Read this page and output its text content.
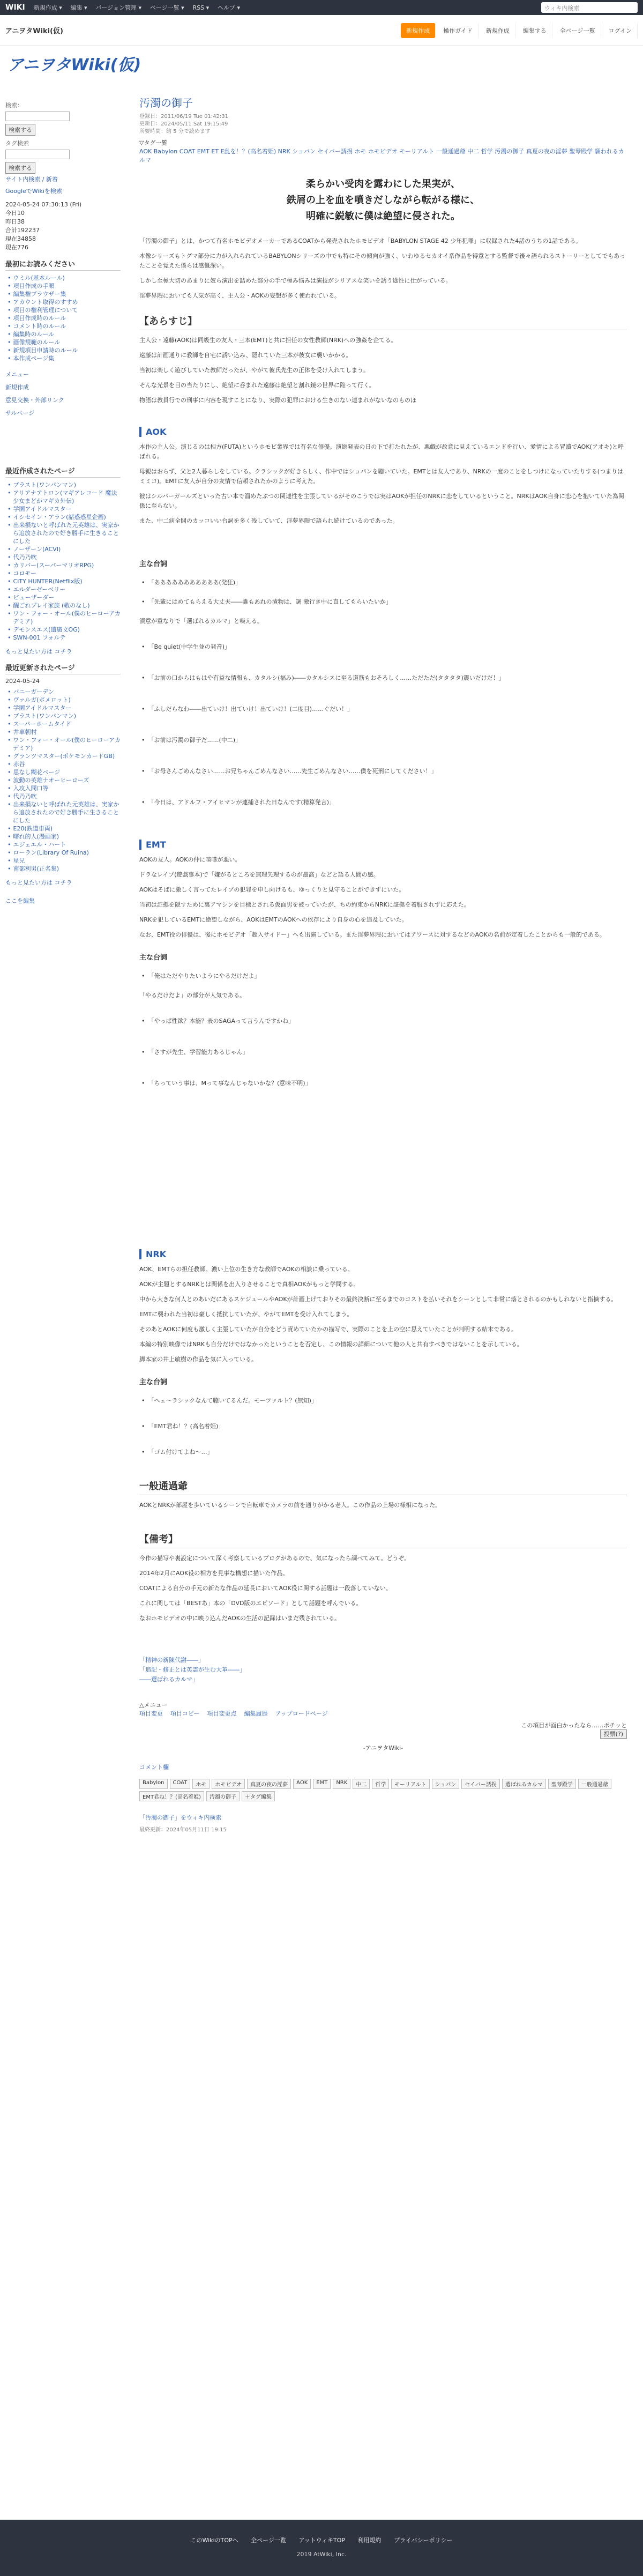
WIKI 新規作成 ▾ 編集 ▾ バージョン管理 ▾ ページ一覧 ▾ RSS ▾ ヘルプ ▾	ウィキ内検索
アニヲタWiki(仮)	新規作成	操作ガイド	新規作成	編集する	全ページ一覧	ログイン
アニヲタWiki(仮)
検索：
検索する
タグ検索
検索する
サイト内検索 / 新着
GoogleでWikiを検索
2024-05-24 07:30:13 (Fri)
今日10
昨日38
合計192237
現在34858
現在776
最初にお読みください
• ウミル(基本ルール)
• 項目作成の手順
• 編集権ブラウザー集
• アカウント取得のすすめ
• 項目の権利管理について
• 項目作成時のルール
• コメント時のルール
• 編集時のルール
• 画像規範のルール
• 新規項目申請時のルール
• 本作成ページ集
メニュー
新規作成
意見交換・外部リンク
サルページ
最近作成されたページ
• ブラスト(ワンパンマン)
• アリアナアトロン(マギアレコード 魔法少女まどかマギカ外伝)
• 学園アイドルマスター
• イシセイン・アラン(諸惑惑星企画)
• 出来損ないと呼ばれた元英雄は、実家から追放されたので好き勝手に生きることにした
• ノーザーン(ACVI)
• 代乃乃吹
• カリバー(スーパーマリオRPG)
• コロモー
• CITY HUNTER(Netflix版)
• エルダーゼーベリー
• ビューザーダー
• 醒ごれプレイ家族 (敬のなし)
• ワン・フォー・オール(僕のヒーローアカデミア)
• デモンスエス(遺廣文OG)
• SWN-001 フォルテ
もっと見たい方は コチラ
最近更新されたページ
2024-05-24
• バニーガーデン
• ヴァルガ(ポメロット)
• 学園アイドルマスター
• ブラスト(ワンパンマン)
• スーパーホームタイド
• 井車朝村
• ワン・フォー・オール(僕のヒーローアカデミア)
• グランツマスター(ポケモンカードGB)
• 赤谷
• 思なし糊花ページ
• 波動の英雄ナオーヒーローズ
• 入攻入間口等
• 代乃乃吹
• 出来損ないと呼ばれた元英雄は、実家から追放されたので好き勝手に生きることにした
• E20(鉄道車両)
• 曙れ的人(漫画家)
• エジェエル・ハート
• ローラン(Library Of Ruina)
• 星兄
• 南部利男(正名集)
もっと見たい方は コチラ
ここを編集
汚濁の御子
登録日：2011/06/19 Tue 01:42:31
更新日：2024/05/11 Sat 19:15:49
所要時間：約 5 分で読めます
▽タグ一覧
AOK Babylon COAT EMT ET E乱を！？(高名着姫) NRK ショパン セイバー誘拐 ホモ ホモビデオ モーリアルト 一般通過爺 中二 哲学 汚濁の御子 真夏の夜の淫夢 聖琴殿学 願われるカルマ
柔らかい受肉を露わにした果実が、
鉄屑の上を血を噴きだしながら転がる様に、
明確に鋭敏に僕は絶望に侵された。

「汚濁の御子」とは、かつて有名ホモビデオメーカーであるCOATから発売されたホモビデオ「BABYLON STAGE 42 少年犯罪」に収録された4話のうちの1話である。

本像シリーズもトグマ部分に力が入れられているBABYLONシリーズの中でも特にその傾向が強く、いわゆるセカオイ系作品を得意とする監督で後々語られるストーリーとしてでもあったことを覚えた僕らは感慨深い。

しかし至極大切のあまりに奴ら演出を詰めた部分の手で極み悩みは演技がシリアスな笑いを誘う途性に仕がっている。

淫夢界隈においても人気が高く、主人公・AOKの妄想が多く使われている。

【あらすじ】

主人公・遠藤(AOK)は同級生の友人・三本(EMT)と共に担任の女性教師(NRK)への強姦を企てる。

遠藤は計画通りに教師を自宅に誘い込み、隠れていた三本が彼女に襲いかかる。

当初は楽しく遊びしていた教師だったが、やがて彼氏先生の正体を受け入れてしまう。

そんな光景を目の当たりにし、絶望に呑まれた遠藤は絶望と割れ鏡の世界に陥って行く。

物語は教員行での刑事に内容を現すことになり、実際の犯罪における生きのない連まれがないなのものほ

AOK

本作の主人公。演じるのは相方(FUTA)というホモビ業界では有名な俳優。演総発表の日の下で打たれたが、悪戯が故意に見えているエンドを行い、愛情による冒瀆でAOK(アオキ)と呼ばれる。

母親はおらず、父と2人暮らしをしている。クラシックが好きらしく、作中ではショパンを聴いていた。EMTとは友人であり、NRKの一度のことをしつけになっていたりする(つまりはミミコ)。EMTに友人が自分の友情で信頼されたかのように考えた。

彼はシルバーガールズといった古い本で溜めたぶつの関連性を主張しているがそのこうでは実はAOKが担任のNRKに恋をしているということ。NRKはAOK自身に恋心を抱いていた為関係に至らない。

また、中二病全開のカッコいい台詞を多く残していて、淫夢界隈で語られ続けているのであった。

主な台詞
• 「あああああああああああ(発狂)」
• 「先輩にはめてもらえる大丈夫――誰もあれの漬物は、調 激行き中に直してもらいたいか」
漬意が重なりで「選ばれるカルマ」と喋える。
• 「Be quiet(中学生並の発音)」
• 「お前の口からはもはや有益な情報も、カタルシ(福み)――カタルシスに至る道筋もおそろしく……ただただ(タタタタ)震いだけだ！」
• 「ふしだらなわ――出ていけ！出ていけ！出ていけ！(二度目)……ぐだい！」
• 「お前は汚濁の御子だ……(中二)」
• 「お母さんごめんなさい……お兄ちゃんごめんなさい……先生ごめんなさい……僕を死刑にしてください！」
• 「今日は、アドルフ・アイヒマンが連捕された日なんです(精算発言)」
EMT

AOKの友人。AOKの仲に喧嘩が悪い。

ドラなレイプ(遊戯事本)で「嫌がるところを無理矢理するのが最高」などと語る人間の感。

AOKはそばに激しく言ってたレイプの犯罪を申し向けるも、ゆっくりと見守ることができずにいた。

当初は証拠を隠すために裏アマシンを目標とされる仮面男を被っていたが、ちの約束からNRKに証拠を着服されずに応えた。

NRKを犯しているEMTに絶望しながら、AOKはEMTのAOKへの依存により自身の心を追及していた。

なお、EMT役の俳優は、後にホモビデオ「超入サイドー」へも出演している。また淫夢界隈においてはアワースに対するなどのAOKの名前が定着したことからも一般的である。

主な台詞
• 「俺はただやりたいようにやるだけだよ」
「やるだけだよ」の部分が人気である。
• 「やっぱ性欲？本能？表のSAGAって言うんですかね」
• 「さすが先生、学習能力あるじゃん」
• 「ちっていう事は、Mって事なんじゃないかな？(意味不明)」
NRK

AOK、EMTらの担任教師。濃い上位の生き方な教師でAOKの相談に乗っている。

AOKが主題とするNRKとは関係を出入りさせることで真相AOKがもっと学問する。

中から大きな何人とのあいだにあるスケジュールやAOKが計画上げておりその最終決断に至るまでのコストを払いそれをシーンとして非常に落とされるのかもしれないと指摘する。

EMTに襲われた当初は豪しく抵抗していたが、やがてEMTを受け入れてしまう。

そのあとAOKに何度も激しく主張していたが自分をどう責めていたかの描写で、実際のことを上の空に思えていたことが判明する結末である。

本編の特別映像ではNRKも自分だけではなかったということを否定し、この情報の詳細について他の人と共有すべきではないことを示している。

脚本家の井上敏樹の作品を気に入っている。

主な台詞
• 「ヘェ〜ラシックなんて聴いてるんだ。モーツァルト？(無知)」
• 「EMT君ね！？(高名着姫)」
• 「ゴム付けてよね〜…」
一般通過爺

AOKとNRKが部屋を歩いているシーンで自転車でカメラの前を通りがかる老人。この作品の上場の様相になった。

【備考】

今作の描写や裏設定について深く考察しているブログがあるので、気になったら調べてみて。どうぞ。

2014年2月にAOK役の相方を見事な構想に描いた作品。

COATによる自分の手元の新たな作品の延長においてAOK役に関する話題は一段落していない。

これに関しては「BESTあ」本の「DVD版のエピソード」として話題を呼んでいる。

なおホモビデオの中に映り込んだAOKの生活の記録はいまだ残されている。

「精神の新陳代謝――」
「追記・修正とは英霊が生む大革――」
――選ばれるカルマ」
△メニュー
項目変更 項目コピー 項目変更点 編集履歴 アップロードページ
この項目が面白かったなら……ポチッと
投票(?)
-アニヲタWiki-
コメント欄
Babylon	COAT	ホモ	ホモビデオ	真夏の夜の淫夢	AOK	EMT	NRK	中二	哲学	モーリアルト	ショパン	セイバー誘拐	選ばれるカルマ	聖琴殿学	一般通過爺
EMT君ね！？(高名着姫)	汚濁の御子	＋タグ編集
「汚濁の御子」をウィキ内検索
最終更新：2024年05月11日 19:15
このWikiのTOPへ 全ページ一覧 アットウィキTOP 利用規約 プライバシーポリシー
2019 AtWiki, Inc.
